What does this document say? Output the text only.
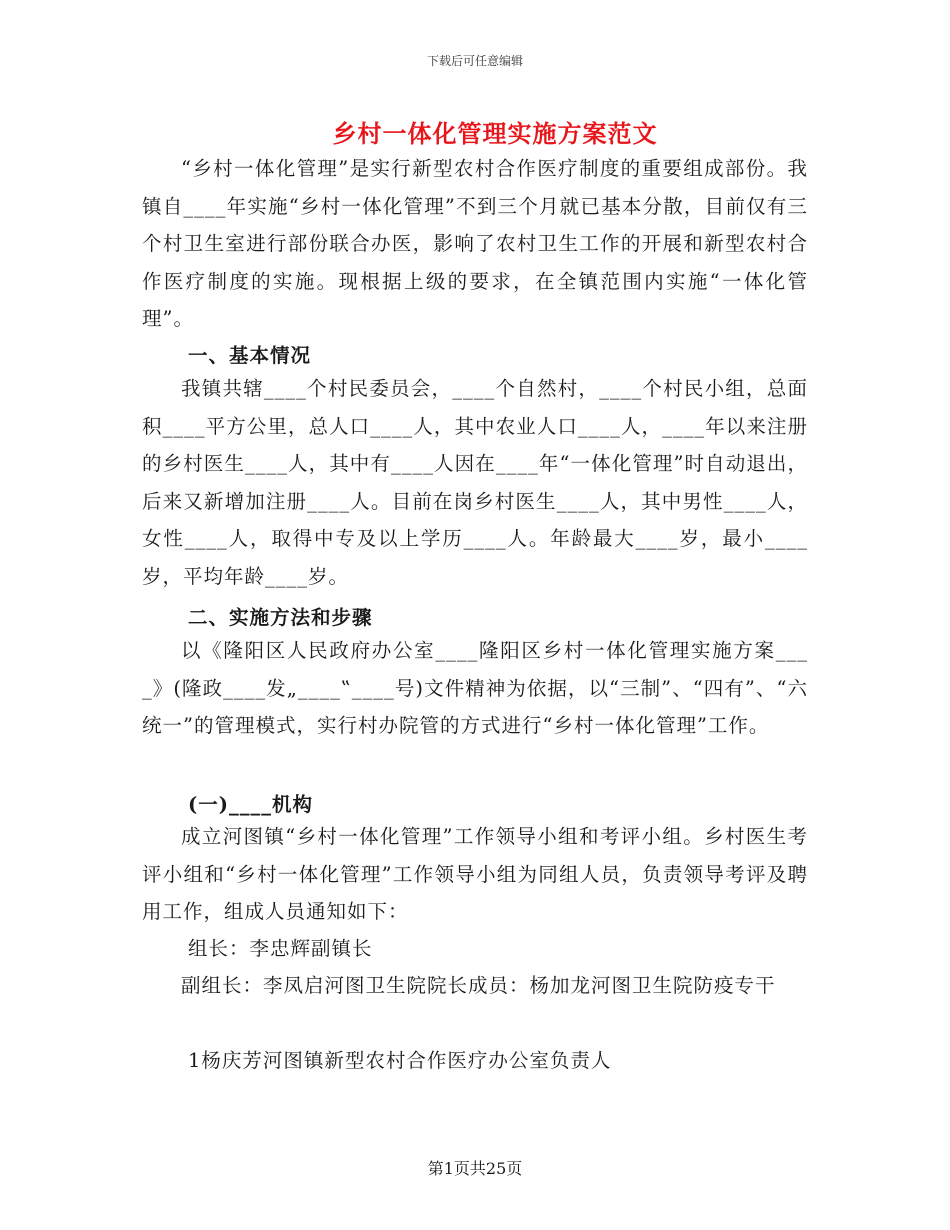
下载后可任意编辑
乡村一体化管理实施方案范文

“乡村一体化管理”是实行新型农村合作医疗制度的重要组成部份。我镇自____年实施“乡村一体化管理”不到三个月就已基本分散，目前仅有三个村卫生室进行部份联合办医，影响了农村卫生工作的开展和新型农村合作医疗制度的实施。现根据上级的要求，在全镇范围内实施“一体化管理”。

一、基本情况

我镇共辖____个村民委员会，____个自然村，____个村民小组，总面积____平方公里，总人口____人，其中农业人口____人，____年以来注册的乡村医生____人，其中有____人因在____年“一体化管理”时自动退出，后来又新增加注册____人。目前在岗乡村医生____人，其中男性____人，女性____人，取得中专及以上学历____人。年龄最大____岁，最小____岁，平均年龄____岁。

二、实施方法和步骤

以《隆阳区人民政府办公室____隆阳区乡村一体化管理实施方案____》(隆政____发„____‟____号)文件精神为依据，以“三制”、“四有”、“六统一”的管理模式，实行村办院管的方式进行“乡村一体化管理”工作。

(一)____机构

成立河图镇“乡村一体化管理”工作领导小组和考评小组。乡村医生考评小组和“乡村一体化管理”工作领导小组为同组人员，负责领导考评及聘用工作，组成人员通知如下：

组长：李忠辉副镇长

副组长：李凤启河图卫生院院长成员：杨加龙河图卫生院防疫专干

1杨庆芳河图镇新型农村合作医疗办公室负责人
第1页共25页
